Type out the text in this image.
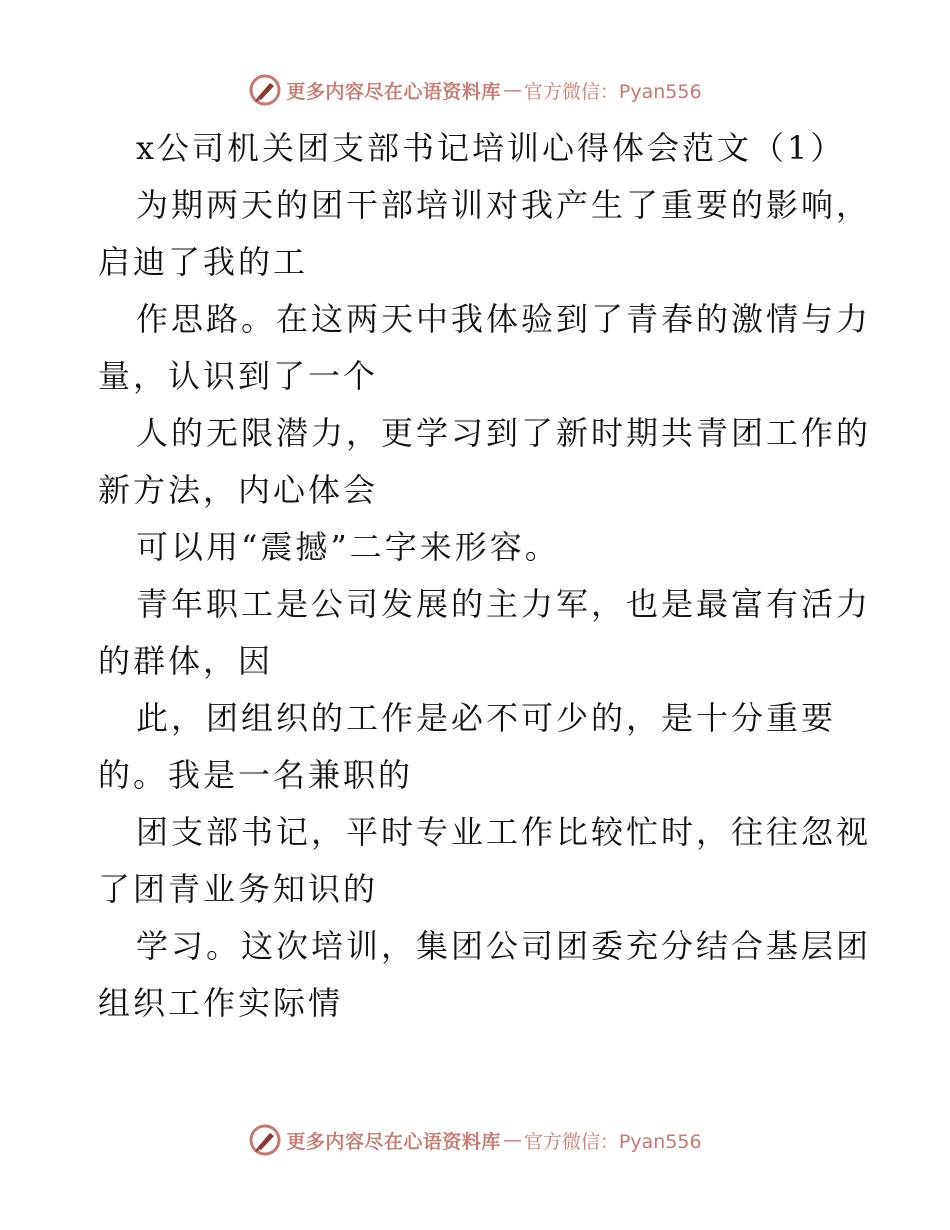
更多内容尽在心语资料库 — 官方微信：Pyan556
x公司机关团支部书记培训心得体会范文（1）
为期两天的团干部培训对我产生了重要的影响，
启迪了我的工
作思路。在这两天中我体验到了青春的激情与力
量，认识到了一个
人的无限潜力，更学习到了新时期共青团工作的
新方法，内心体会
可以用“震撼”二字来形容。
青年职工是公司发展的主力军，也是最富有活力
的群体，因
此，团组织的工作是必不可少的，是十分重要
的。我是一名兼职的
团支部书记，平时专业工作比较忙时，往往忽视
了团青业务知识的
学习。这次培训，集团公司团委充分结合基层团
组织工作实际情
更多内容尽在心语资料库 — 官方微信：Pyan556
